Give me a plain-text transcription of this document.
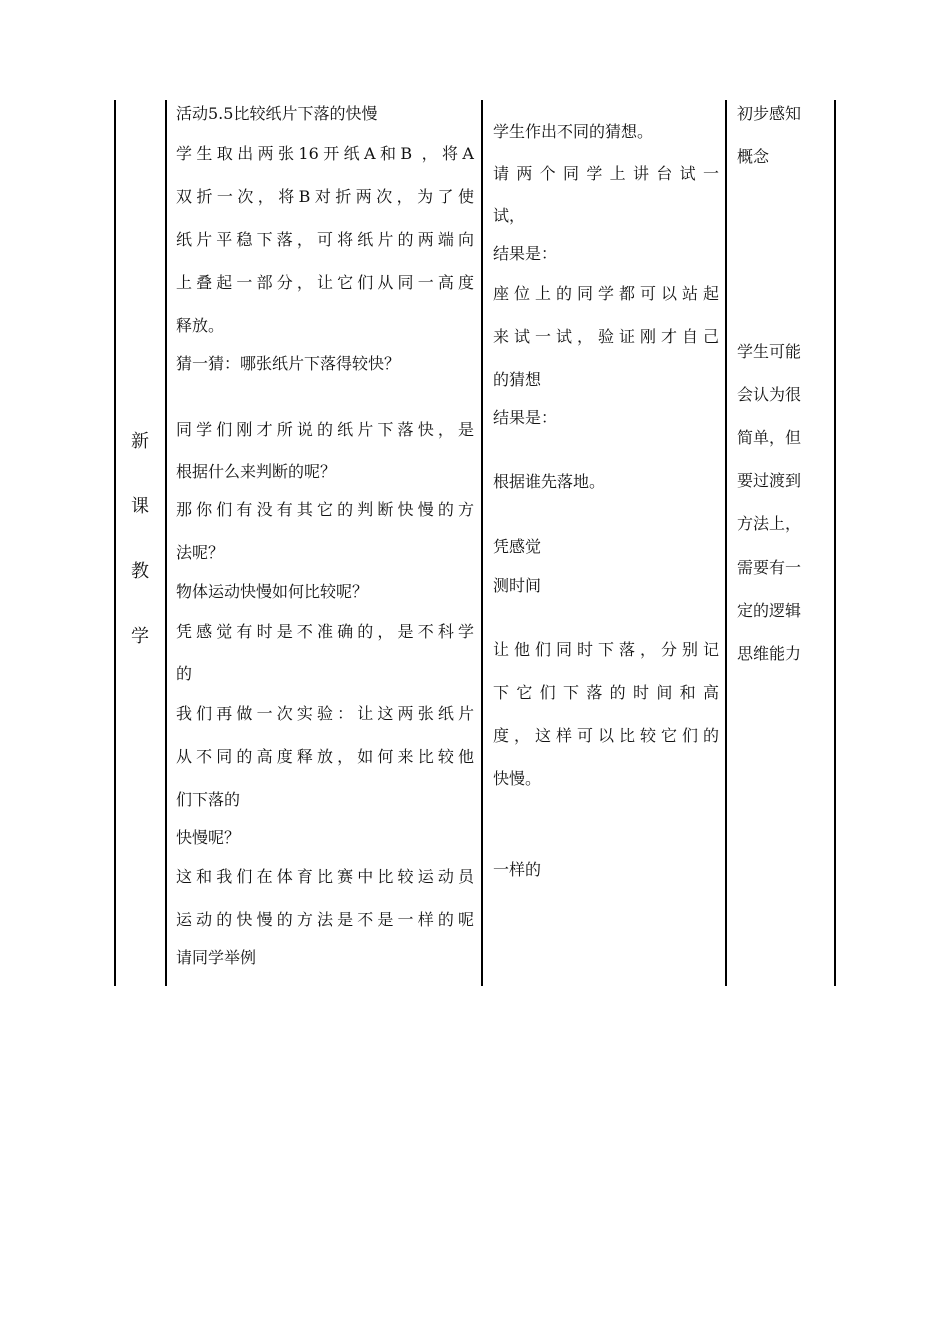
新
课
教
学
活动5.5比较纸片下落的快慢
学生取出两张16开纸A和B ，将A
双折一次，将B对折两次，为了使
纸片平稳下落，可将纸片的两端向
上叠起一部分，让它们从同一高度
释放。
猜一猜：哪张纸片下落得较快？
同学们刚才所说的纸片下落快，是
根据什么来判断的呢？
那你们有没有其它的判断快慢的方
法呢？
物体运动快慢如何比较呢？
凭感觉有时是不准确的，是不科学
的
我们再做一次实验：让这两张纸片
从不同的高度释放，如何来比较他
们下落的
快慢呢？
这和我们在体育比赛中比较运动员
运动的快慢的方法是不是一样的呢
请同学举例
学生作出不同的猜想。
请两个同学上讲台试一
试，
结果是：
座位上的同学都可以站起
来试一试，验证刚才自己
的猜想
结果是：
根据谁先落地。
凭感觉
测时间
让他们同时下落，分别记
下它们下落的时间和高
度，这样可以比较它们的
快慢。
一样的
初步感知
概念
学生可能
会认为很
简单，但
要过渡到
方法上，
需要有一
定的逻辑
思维能力
